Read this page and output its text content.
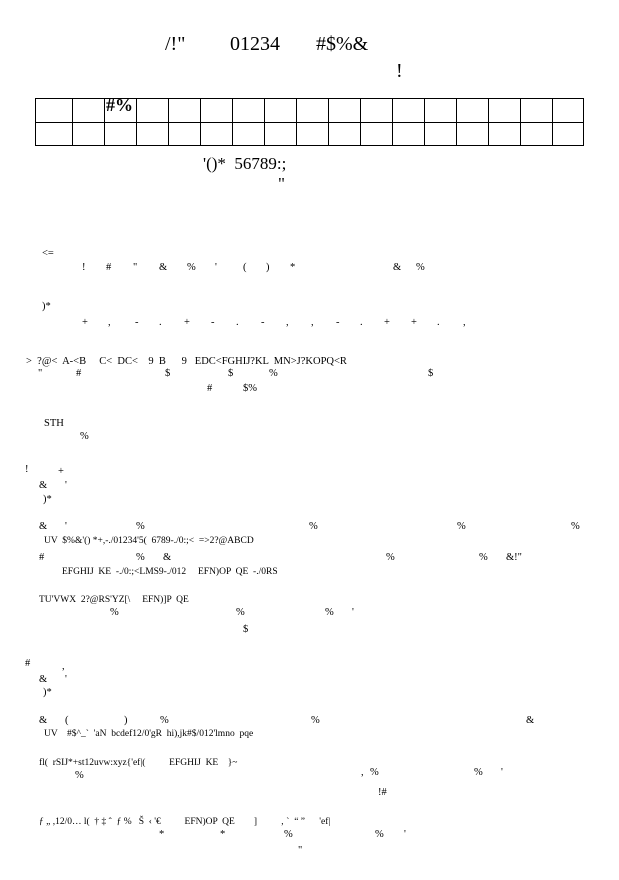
/!" 01234 #$%&
!
#%
'()*  56789:;
"
<=
! # " & % ' ( ) *	& %
)*
+ , - . + - . - , , - . + + . ,
>  ?@<  A-<B     C<  DC<    9  B      9   EDC<FGHIJ?KL  MN>J?KOPQ<R
"	#	$	$	%	$
#	$%
STH
%
!	+
& '
)*
& '	%	%	%	%
UV  $%&'() *+,-./01234'5(  6789-./0:;<  =>2?@ABCD
#	% &	%	% &!"
EFGHIJ  KE  -./0:;<LMS9-./012     EFN)OP  QE  -./0RS
TU'VWX  2?@RS'YZ[\     EFN)]P  QE
%	%	% '
$
#	,
& '
)*
& (	)	%	%	&
UV    #$^_`  'aN  bcdef12/0'gR  hi),jk#$/012'lmno  pqe
fl(  rSIJ*+st12uvw:xyz{'ef|(          EFGHIJ  KE    }~
, %	% '
%
!#
ƒ „ ,12/0… l(  † ‡ ˆ  ƒ %   Š  ‹ '€          EFN)OP  QE        ]          ‚ `  “ ”      'ef|
*	*	%	% '
"
